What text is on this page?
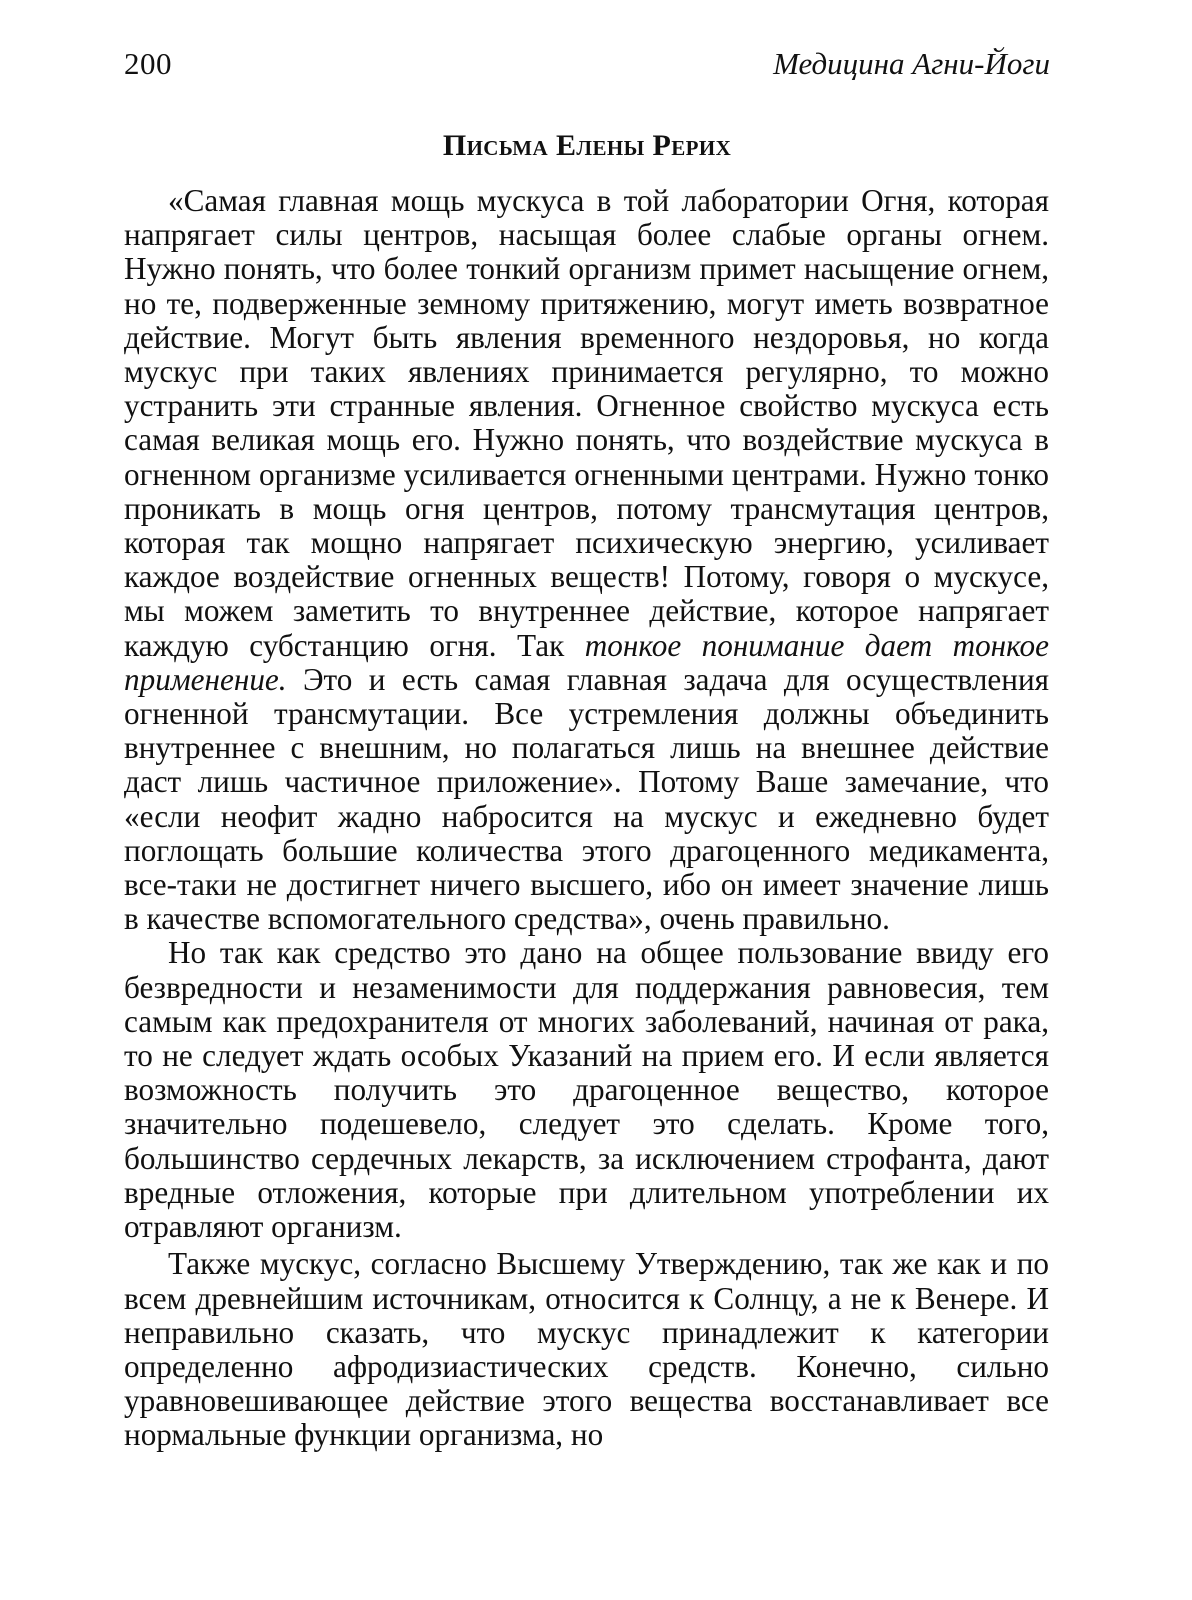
200	Медицина Агни-Йоги
Письма Елены Рерих

«Самая главная мощь мускуса в той лаборатории Огня, которая напрягает силы центров, насыщая более слабые органы огнем. Нужно понять, что более тонкий организм примет насыщение огнем, но те, подверженные земному притяжению, могут иметь возвратное действие. Могут быть явления временного нездоровья, но когда мускус при таких явлениях принимается регулярно, то можно устранить эти странные явления. Огненное свойство мускуса есть самая великая мощь его. Нужно понять, что воздействие мускуса в огненном организме усиливается огненными центрами. Нужно тонко проникать в мощь огня центров, потому трансмутация центров, которая так мощно напрягает психическую энергию, усиливает каждое воздействие огненных веществ! Потому, говоря о мускусе, мы можем заметить то внутреннее действие, которое напрягает каждую субстанцию огня. Так тонкое понимание дает тонкое применение. Это и есть самая главная задача для осуществления огненной трансмутации. Все устремления должны объединить внутреннее с внешним, но полагаться лишь на внешнее действие даст лишь частичное приложение». Потому Ваше замечание, что «если неофит жадно набросится на мускус и ежедневно будет поглощать большие количества этого драгоценного медикамента, все-таки не достигнет ничего высшего, ибо он имеет значение лишь в качестве вспомогательного средства», очень правильно.

Но так как средство это дано на общее пользование ввиду его безвредности и незаменимости для поддержания равновесия, тем самым как предохранителя от многих заболеваний, начиная от рака, то не следует ждать особых Указаний на прием его. И если является возможность получить это драгоценное вещество, которое значительно подешевело, следует это сделать. Кроме того, большинство сердечных лекарств, за исключением строфанта, дают вредные отложения, которые при длительном употреблении их отравляют организм.

Также мускус, согласно Высшему Утверждению, так же как и по всем древнейшим источникам, относится к Солнцу, а не к Венере. И неправильно сказать, что мускус принадлежит к категории определенно афродизиастических средств. Конечно, сильно уравновешивающее действие этого вещества восстанавливает все нормальные функции организма, но
